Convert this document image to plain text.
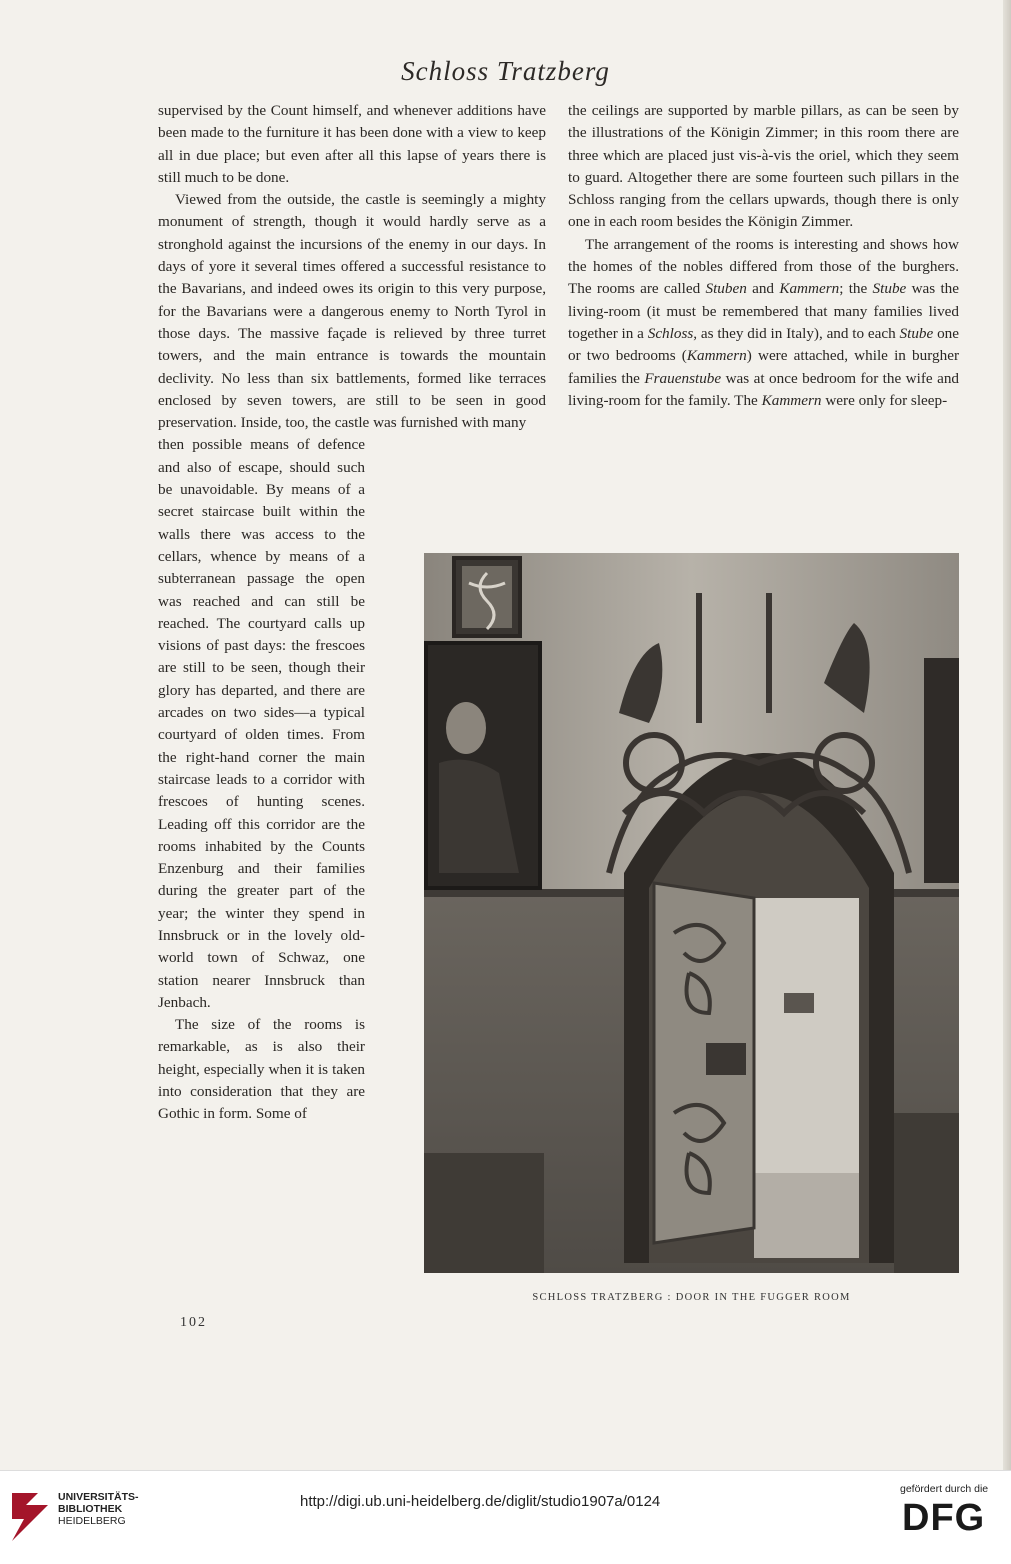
Schloss Tratzberg

supervised by the Count himself, and whenever additions have been made to the furniture it has been done with a view to keep all in due place; but even after all this lapse of years there is still much to be done.

Viewed from the outside, the castle is seemingly a mighty monument of strength, though it would hardly serve as a stronghold against the incursions of the enemy in our days. In days of yore it several times offered a successful resistance to the Bavarians, and indeed owes its origin to this very purpose, for the Bavarians were a dangerous enemy to North Tyrol in those days. The massive façade is relieved by three turret towers, and the main entrance is towards the mountain declivity. No less than six battlements, formed like terraces enclosed by seven towers, are still to be seen in good preservation. Inside, too, the castle was furnished with many

then possible means of defence and also of escape, should such be unavoidable. By means of a secret staircase built within the walls there was access to the cellars, whence by means of a subterranean passage the open was reached and can still be reached. The courtyard calls up visions of past days: the frescoes are still to be seen, though their glory has departed, and there are arcades on two sides—a typical courtyard of olden times. From the right-hand corner the main staircase leads to a corridor with frescoes of hunting scenes. Leading off this corridor are the rooms inhabited by the Counts Enzenburg and their families during the greater part of the year; the winter they spend in Innsbruck or in the lovely old-world town of Schwaz, one station nearer Innsbruck than Jenbach.

The size of the rooms is remarkable, as is also their height, especially when it is taken into consideration that they are Gothic in form. Some of

the ceilings are supported by marble pillars, as can be seen by the illustrations of the Königin Zimmer; in this room there are three which are placed just vis-à-vis the oriel, which they seem to guard. Altogether there are some fourteen such pillars in the Schloss ranging from the cellars upwards, though there is only one in each room besides the Königin Zimmer.

The arrangement of the rooms is interesting and shows how the homes of the nobles differed from those of the burghers. The rooms are called Stuben and Kammern; the Stube was the living-room (it must be remembered that many families lived together in a Schloss, as they did in Italy), and to each Stube one or two bedrooms (Kammern) were attached, while in burgher families the Frauenstube was at once bedroom for the wife and living-room for the family. The Kammern were only for sleep-

SCHLOSS TRATZBERG : DOOR IN THE FUGGER ROOM
102
UNIVERSITÄTS-
BIBLIOTHEK
HEIDELBERG
http://digi.ub.uni-heidelberg.de/diglit/studio1907a/0124
gefördert durch die
DFG
